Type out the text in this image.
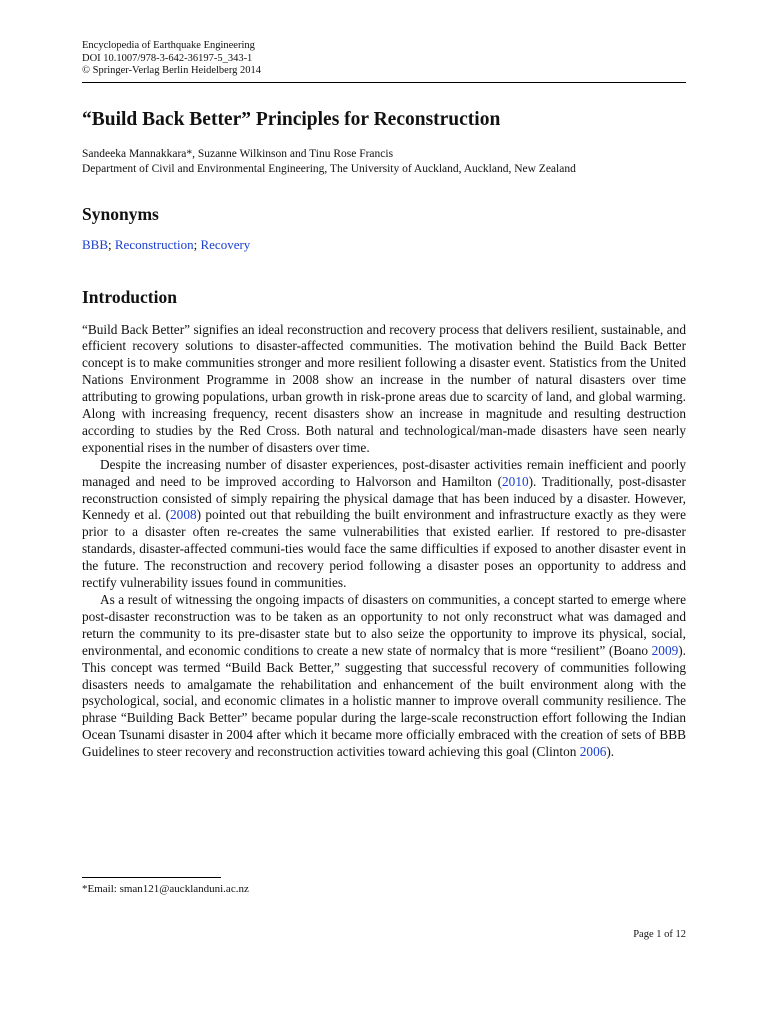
Encyclopedia of Earthquake Engineering
DOI 10.1007/978-3-642-36197-5_343-1
© Springer-Verlag Berlin Heidelberg 2014
“Build Back Better” Principles for Reconstruction
Sandeeka Mannakkara*, Suzanne Wilkinson and Tinu Rose Francis
Department of Civil and Environmental Engineering, The University of Auckland, Auckland, New Zealand
Synonyms
BBB; Reconstruction; Recovery
Introduction

“Build Back Better” signifies an ideal reconstruction and recovery process that delivers resilient, sustainable, and efficient recovery solutions to disaster-affected communities. The motivation behind the Build Back Better concept is to make communities stronger and more resilient following a disaster event. Statistics from the United Nations Environment Programme in 2008 show an increase in the number of natural disasters over time attributing to growing populations, urban growth in risk-prone areas due to scarcity of land, and global warming. Along with increasing frequency, recent disasters show an increase in magnitude and resulting destruction according to studies by the Red Cross. Both natural and technological/man-made disasters have seen nearly exponential rises in the number of disasters over time.

Despite the increasing number of disaster experiences, post-disaster activities remain inefficient and poorly managed and need to be improved according to Halvorson and Hamilton (2010). Traditionally, post-disaster reconstruction consisted of simply repairing the physical damage that has been induced by a disaster. However, Kennedy et al. (2008) pointed out that rebuilding the built environment and infrastructure exactly as they were prior to a disaster often re-creates the same vulnerabilities that existed earlier. If restored to pre-disaster standards, disaster-affected communi-ties would face the same difficulties if exposed to another disaster event in the future. The reconstruction and recovery period following a disaster poses an opportunity to address and rectify vulnerability issues found in communities.

As a result of witnessing the ongoing impacts of disasters on communities, a concept started to emerge where post-disaster reconstruction was to be taken as an opportunity to not only reconstruct what was damaged and return the community to its pre-disaster state but to also seize the opportunity to improve its physical, social, environmental, and economic conditions to create a new state of normalcy that is more “resilient” (Boano 2009). This concept was termed “Build Back Better,” suggesting that successful recovery of communities following disasters needs to amalgamate the rehabilitation and enhancement of the built environment along with the psychological, social, and economic climates in a holistic manner to improve overall community resilience. The phrase “Building Back Better” became popular during the large-scale reconstruction effort following the Indian Ocean Tsunami disaster in 2004 after which it became more officially embraced with the creation of sets of BBB Guidelines to steer recovery and reconstruction activities toward achieving this goal (Clinton 2006).

*Email: sman121@aucklanduni.ac.nz
Page 1 of 12
